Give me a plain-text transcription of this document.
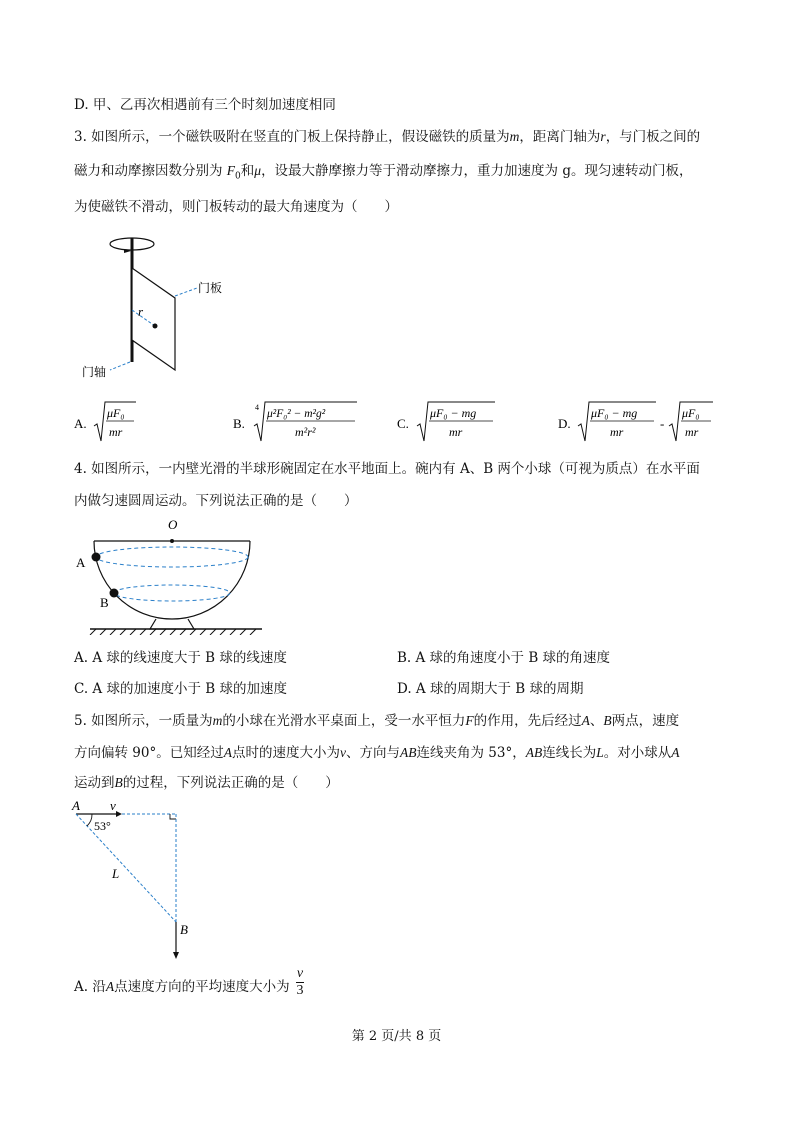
D. 甲、乙再次相遇前有三个时刻加速度相同
3. 如图所示，一个磁铁吸附在竖直的门板上保持静止，假设磁铁的质量为m，距离门轴为r，与门板之间的
磁力和动摩擦因数分别为 $F_0$和μ，设最大静摩擦力等于滑动摩擦力，重力加速度为 g。现匀速转动门板，
为使磁铁不滑动，则门板转动的最大角速度为（　　）
r
门板
门轴
A.
μF₀
mr
B.
4
μ²F₀² − m²g²
m²r²
C.
μF₀ − mg
mr
D.
μF₀ − mg
mr
-
μF₀
mr
4. 如图所示，一内壁光滑的半球形碗固定在水平地面上。碗内有 A、B 两个小球（可视为质点）在水平面
内做匀速圆周运动。下列说法正确的是（　　）
O
A
B
A. A 球的线速度大于 B 球的线速度	B. A 球的角速度小于 B 球的角速度
C. A 球的加速度小于 B 球的加速度	D. A 球的周期大于 B 球的周期
5. 如图所示，一质量为m的小球在光滑水平桌面上，受一水平恒力F的作用，先后经过A、B两点，速度
方向偏转 90°。已知经过A点时的速度大小为v、方向与AB连线夹角为 53°，AB连线长为L。对小球从A
运动到B的过程，下列说法正确的是（　　）
A v
53°
L
B
A. 沿A点速度方向的平均速度大小为 $\frac{v}{3}$
第 2 页/共 8 页
